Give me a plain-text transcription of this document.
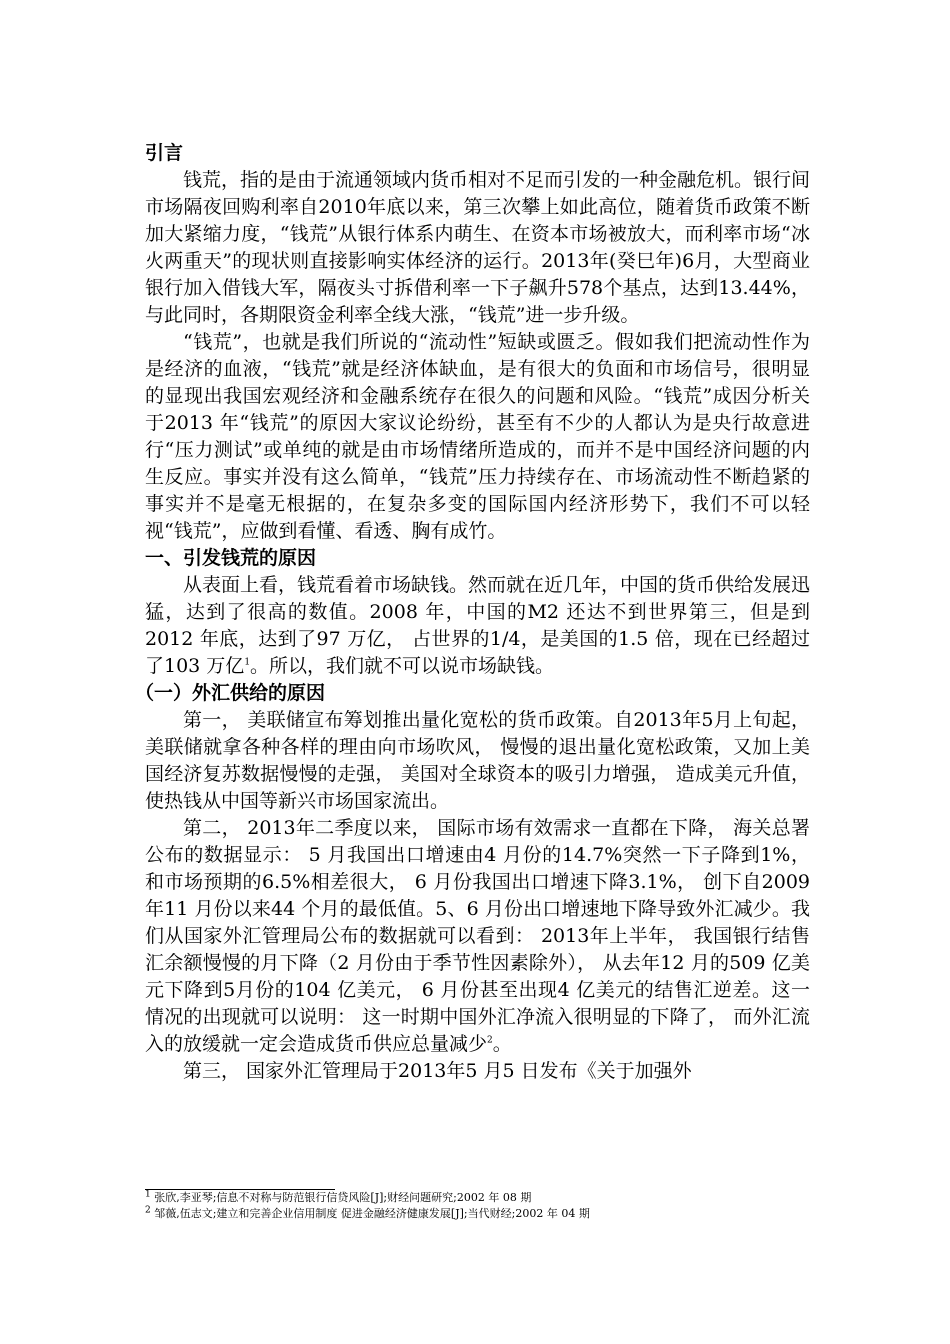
引言

钱荒，指的是由于流通领域内货币相对不足而引发的一种金融危机。银行间市场隔夜回购利率自2010年底以来，第三次攀上如此高位，随着货币政策不断加大紧缩力度，“钱荒”从银行体系内萌生、在资本市场被放大，而利率市场“冰火两重天”的现状则直接影响实体经济的运行。2013年(癸巳年)6月，大型商业银行加入借钱大军，隔夜头寸拆借利率一下子飙升578个基点，达到13.44%，与此同时，各期限资金利率全线大涨，“钱荒”进一步升级。

“钱荒”，也就是我们所说的“流动性”短缺或匮乏。假如我们把流动性作为是经济的血液，“钱荒”就是经济体缺血，是有很大的负面和市场信号，很明显的显现出我国宏观经济和金融系统存在很久的问题和风险。“钱荒”成因分析关于2013 年“钱荒”的原因大家议论纷纷，甚至有不少的人都认为是央行故意进行“压力测试”或单纯的就是由市场情绪所造成的，而并不是中国经济问题的内生反应。事实并没有这么简单，“钱荒”压力持续存在、市场流动性不断趋紧的事实并不是毫无根据的，在复杂多变的国际国内经济形势下，我们不可以轻视“钱荒”，应做到看懂、看透、胸有成竹。

一、引发钱荒的原因

从表面上看，钱荒看着市场缺钱。然而就在近几年，中国的货币供给发展迅猛，达到了很高的数值。2008 年，中国的M2 还达不到世界第三，但是到2012 年底，达到了97 万亿， 占世界的1/4，是美国的1.5 倍，现在已经超过了103 万亿$^1$。所以，我们就不可以说市场缺钱。

（一）外汇供给的原因

第一， 美联储宣布筹划推出量化宽松的货币政策。自2013年5月上旬起， 美联储就拿各种各样的理由向市场吹风， 慢慢的退出量化宽松政策，又加上美国经济复苏数据慢慢的走强， 美国对全球资本的吸引力增强， 造成美元升值， 使热钱从中国等新兴市场国家流出。

第二， 2013年二季度以来， 国际市场有效需求一直都在下降， 海关总署公布的数据显示： 5 月我国出口增速由4 月份的14.7%突然一下子降到1%， 和市场预期的6.5%相差很大， 6 月份我国出口增速下降3.1%， 创下自2009 年11 月份以来44 个月的最低值。5、6 月份出口增速地下降导致外汇减少。我们从国家外汇管理局公布的数据就可以看到： 2013年上半年， 我国银行结售汇余额慢慢的月下降（2 月份由于季节性因素除外）， 从去年12 月的509 亿美元下降到5月份的104 亿美元， 6 月份甚至出现4 亿美元的结售汇逆差。这一情况的出现就可以说明： 这一时期中国外汇净流入很明显的下降了， 而外汇流入的放缓就一定会造成货币供应总量减少$^2$。

第三， 国家外汇管理局于2013年5 月5 日发布《关于加强外

$^1$ 张欣,李亚琴;信息不对称与防范银行信贷风险[J];财经问题研究;2002 年 08 期

$^2$ 邹薇,伍志文;建立和完善企业信用制度 促进金融经济健康发展[J];当代财经;2002 年 04 期
